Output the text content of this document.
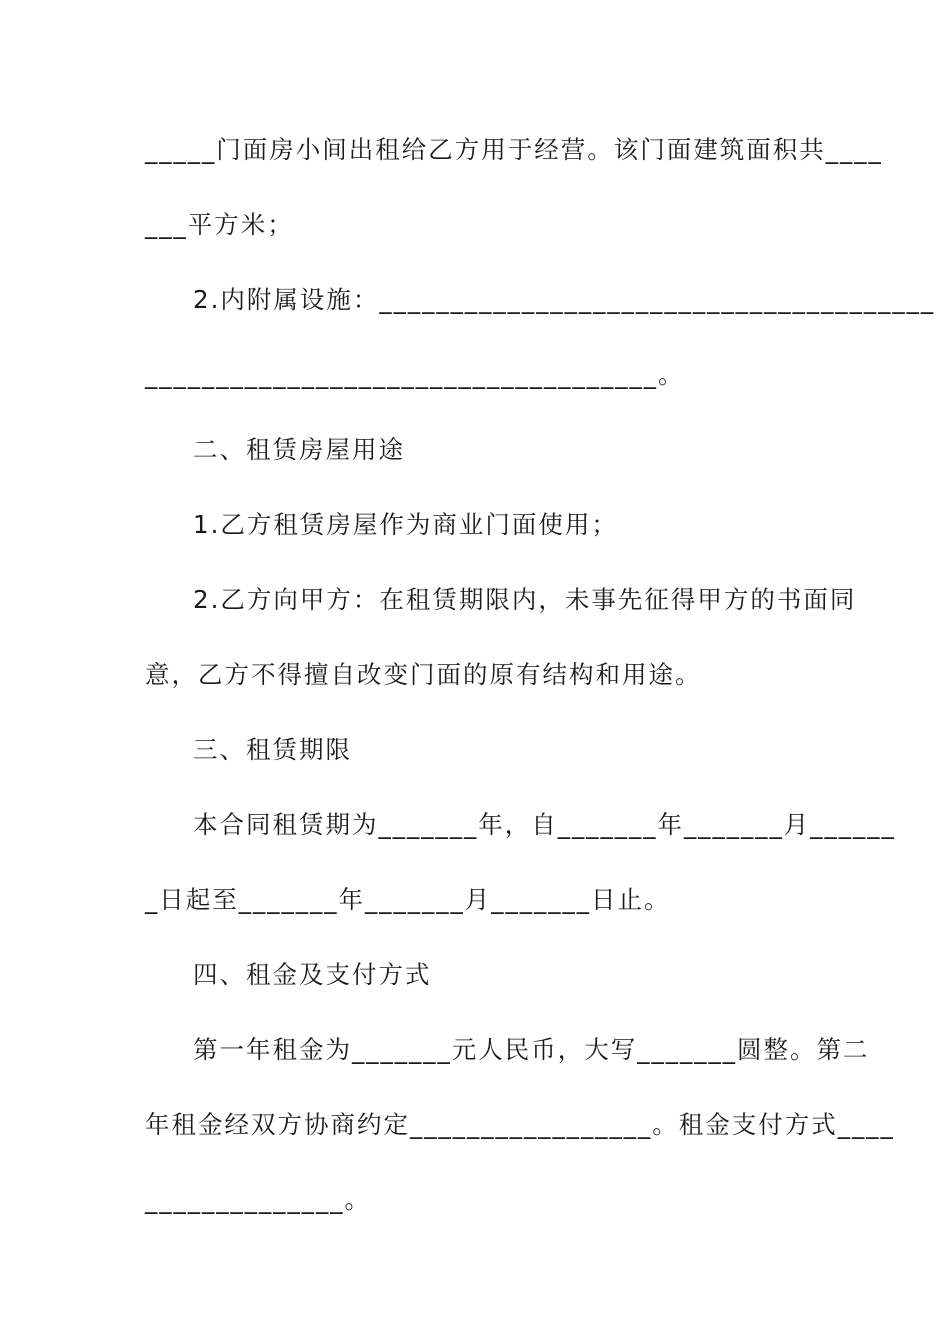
_____门面房小间出租给乙方用于经营。该门面建筑面积共____
___平方米；
2.内附属设施：_______________________________________
____________________________________。
二、租赁房屋用途
1.乙方租赁房屋作为商业门面使用；
2.乙方向甲方：在租赁期限内，未事先征得甲方的书面同
意，乙方不得擅自改变门面的原有结构和用途。
三、租赁期限
本合同租赁期为_______年，自_______年_______月______
_日起至_______年_______月_______日止。
四、租金及支付方式
第一年租金为_______元人民币，大写_______圆整。第二
年租金经双方协商约定_________________。租金支付方式____
______________。
